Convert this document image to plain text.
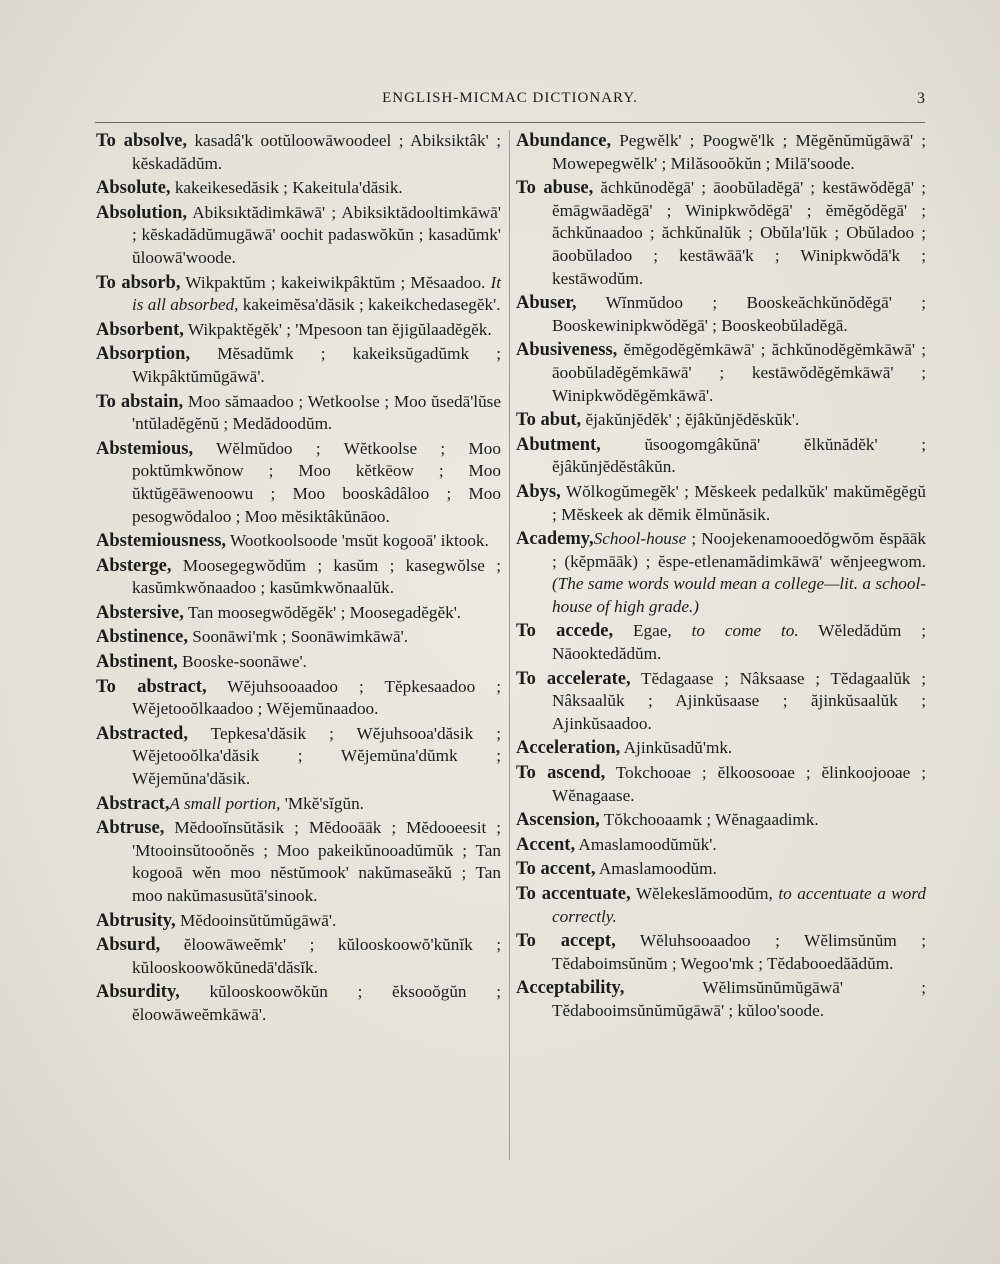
ENGLISH-MICMAC DICTIONARY.	3

To absolve, kasadâ'k ootŭloowāwoodeel ; Abiksiktâk' ; kĕskadădŭm.

Absolute, kakeikesedăsik ; Kakeitula'dăsik.

Absolution, Abiksıktădimkāwā' ; Abiksiktădooltimkāwā' ; kĕskadădŭmugāwā' oochit padaswŏkŭn ; kasadŭmk' ŭloowā'woode.

To absorb, Wikpaktŭm ; kakeiwikpâktŭm ; Mĕsaadoo. It is all absorbed, kakeimĕsa'dăsik ; kakeikchedasegĕk'.

Absorbent, Wikpaktĕgĕk' ; 'Mpesoon tan ĕjigŭlaadĕgĕk.

Absorption, Mĕsadŭmk ; kakeiksŭgadŭmk ; Wikpâktŭmŭgāwā'.

To abstain, Moo sămaadoo ; Wetkoolse ; Moo ŭsedā'lŭse 'ntŭladĕgĕnŭ ; Medădoodŭm.

Abstemious, Wĕlmŭdoo ; Wĕtkoolse ; Moo poktŭmkwŏnow ; Moo kĕtkēow ; Moo ŭktŭgēāwenoowu ; Moo booskâdâloo ; Moo pesogwŏdaloo ; Moo mĕsiktâkŭnāoo.

Abstemiousness, Wootkoolsoode 'msŭt kogooā' iktook.

Absterge, Moosegegwŏdŭm ; kasŭm ; kasegwŏlse ; kasŭmkwŏnaadoo ; kasŭmkwŏnaalŭk.

Abstersive, Tan moosegwŏdĕgĕk' ; Moosegadĕgĕk'.

Abstinence, Soonāwi'mk ; Soonāwimkāwā'.

Abstinent, Booske-soonāwe'.

To abstract, Wĕjuhsooaadoo ; Tĕpkesaadoo ; Wĕjetooŏlkaadoo ; Wĕjemŭnaadoo.

Abstracted, Tepkesa'dăsik ; Wĕjuhsooa'dăsik ; Wĕjetooŏlka'dăsik ; Wĕjemŭna'dŭmk ; Wĕjemŭna'dăsik.

Abstract,A small portion, 'Mkĕ'sĭgŭn.

Abtruse, Mĕdooĭnsŭtăsik ; Mĕdooāāk ; Mĕdooeesit ; 'Mtooinsŭtooŏnĕs ; Moo pakeikŭnooadŭmŭk ; Tan kogooā wĕn moo nĕstŭmook' nakŭmaseăkŭ ; Tan moo nakŭmasusŭtā'sinook.

Abtrusity, Mĕdooinsŭtŭmŭgāwā'.

Absurd, ĕloowāweĕmk' ; kŭlooskoowŏ'kŭnĭk ; kŭlooskoowŏkŭnedā'dăsĭk.

Absurdity, kŭlooskoowŏkŭn ; ĕksooŏgŭn ; ĕloowāweĕmkāwā'.

Abundance, Pegwĕlk' ; Poogwĕ'lk ; Mĕgĕnŭmŭgāwā' ; Mowepegwĕlk' ; Milăsooŏkŭn ; Milā'soode.

To abuse, ăchkŭnodĕgā' ; āoobŭladĕgā' ; kestāwŏdĕgā' ; ĕmāgwāadĕgā' ; Winipkwŏdĕgā' ; ĕmĕgŏdĕgā' ; ăchkŭnaadoo ; ăchkŭnalŭk ; Obŭla'lŭk ; Obŭladoo ; āoobŭladoo ; kestāwāā'k ; Winipkwŏdā'k ; kestāwodŭm.

Abuser, Wĭnmŭdoo ; Booskeăchkŭnŏdĕgā' ; Booskewinipkwŏdĕgā' ; Booskeobŭladĕgā.

Abusiveness, ĕmĕgodĕgĕmkāwā' ; ăchkŭnodĕgĕmkāwā' ; āoobŭladĕgĕmkāwā' ; kestāwŏdĕgĕmkāwā' ; Winipkwŏdĕgĕmkāwā'.

To abut, ĕjakŭnjĕdĕk' ; ĕjâkŭnjĕdĕskŭk'.

Abutment, ŭsoogomgâkŭnā' ĕlkŭnădĕk' ; ĕjâkŭnjĕdĕstâkŭn.

Abys, Wŏlkogŭmegĕk' ; Mĕskeek pedalkŭk' makŭmĕgĕgŭ ; Mĕskeek ak dĕmik ĕlmŭnăsik.

Academy,School-house ; Noojekenamooedŏgwŏm ĕspāāk ; (kĕpmāāk) ; ĕspe-etlenamădimkāwā' wĕnjeegwom. (The same words would mean a college—lit. a school-house of high grade.)

To accede, Egae, to come to. Wĕledădŭm ; Nāooktedădŭm.

To accelerate, Tĕdagaase ; Nâksaase ; Tĕdagaalŭk ; Nâksaalŭk ; Ajinkŭsaase ; ăjinkŭsaalŭk ; Ajinkŭsaadoo.

Acceleration, Ajinkŭsadŭ'mk.

To ascend, Tokchooae ; ĕlkoosooae ; ĕlinkoojooae ; Wĕnagaase.

Ascension, Tŏkchooaamk ; Wĕnagaadimk.

Accent, Amaslamoodŭmŭk'.

To accent, Amaslamoodŭm.

To accentuate, Wĕlekeslămoodŭm, to accentuate a word correctly.

To accept, Wĕluhsooaadoo ; Wĕlimsŭnŭm ; Tĕdaboimsŭnŭm ; Wegoo'mk ; Tĕdabooedăădŭm.

Acceptability, Wĕlimsŭnŭmŭgāwā' ; Tĕdabooimsŭnŭmŭgāwā' ; kŭloo'soode.
